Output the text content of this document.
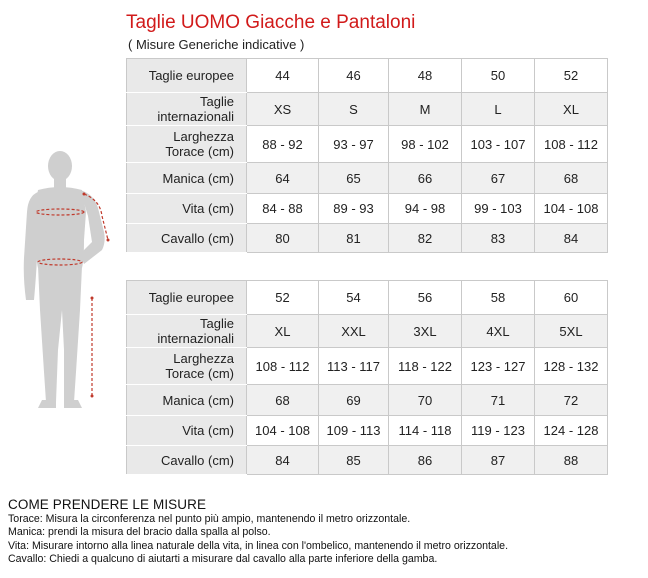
Taglie UOMO Giacche e Pantaloni
( Misure Generiche indicative )
Taglie europee	44	46	48	50	52
Taglie
internazionali	XS	S	M	L	XL
Larghezza
Torace (cm)	88 - 92	93 - 97	98 - 102	103 - 107	108 - 112
Manica (cm)	64	65	66	67	68
Vita (cm)	84 - 88	89 - 93	94 - 98	99 - 103	104 - 108
Cavallo (cm)	80	81	82	83	84
Taglie europee	52	54	56	58	60
Taglie
internazionali	XL	XXL	3XL	4XL	5XL
Larghezza
Torace (cm)	108 - 112	113 - 117	118 - 122	123 - 127	128 - 132
Manica (cm)	68	69	70	71	72
Vita (cm)	104 - 108	109 - 113	114 - 118	119 - 123	124 - 128
Cavallo (cm)	84	85	86	87	88
COME PRENDERE LE MISURE
Torace: Misura la circonferenza nel punto più ampio, mantenendo il metro orizzontale.
Manica: prendi la misura del bracio dalla spalla al polso.
Vita: Misurare intorno alla linea naturale della vita, in linea con l'ombelico, mantenendo il metro orizzontale.
Cavallo: Chiedi a qualcuno di aiutarti a misurare dal cavallo alla parte inferiore della gamba.
